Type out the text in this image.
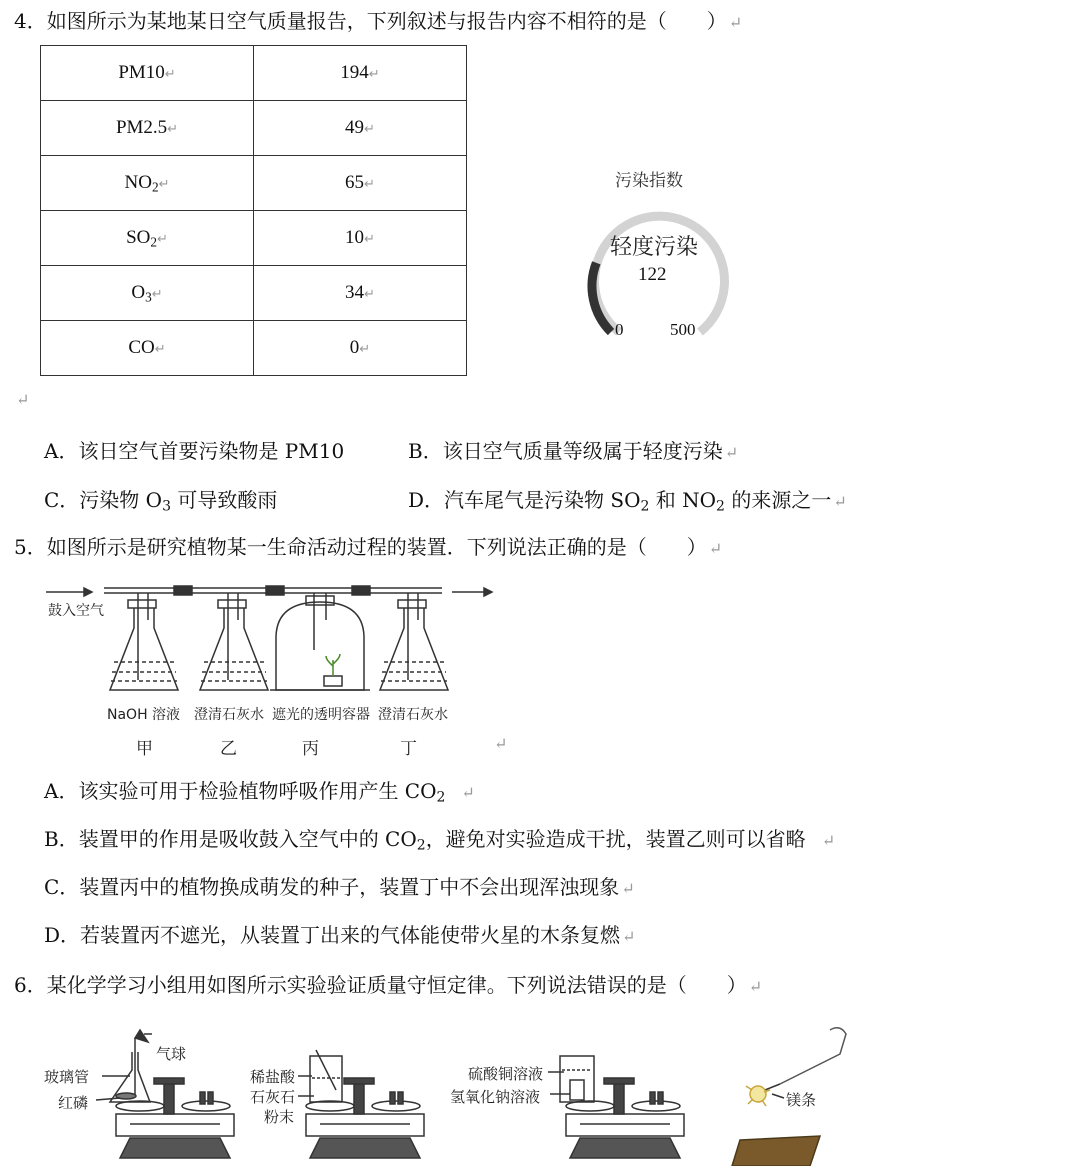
4．如图所示为某地某日空气质量报告，下列叙述与报告内容不相符的是（　　） ↵
PM10↵	194↵
PM2.5↵	49↵
$NO_2↵$	65↵
$SO_2↵$	10↵
$O_3↵$	34↵
CO↵	0↵
污染指数
轻度污染
122
0	500
↵
A．该日空气首要污染物是 PM10	B．该日空气质量等级属于轻度污染 ↵
C．污染物 $O_3$ 可导致酸雨	D．汽车尾气是污染物 $SO_2$ 和 $NO_2$ 的来源之一 ↵
5．如图所示是研究植物某一生命活动过程的装置．下列说法正确的是（　　） ↵
鼓入空气
NaOH 溶液 澄清石灰水 遮光的透明容器 澄清石灰水
甲	乙	丙	丁	↵
A．该实验可用于检验植物呼吸作用产生 $CO_2$ ↵
B．装置甲的作用是吸收鼓入空气中的 $CO_2$，避免对实验造成干扰，装置乙则可以省略 ↵
C．装置丙中的植物换成萌发的种子，装置丁中不会出现浑浊现象 ↵
D．若装置丙不遮光，从装置丁出来的气体能使带火星的木条复燃 ↵
6．某化学学习小组用如图所示实验验证质量守恒定律。下列说法错误的是（　　） ↵
气球
玻璃管
红磷
稀盐酸
石灰石
粉末
硫酸铜溶液
氢氧化钠溶液	镁条
